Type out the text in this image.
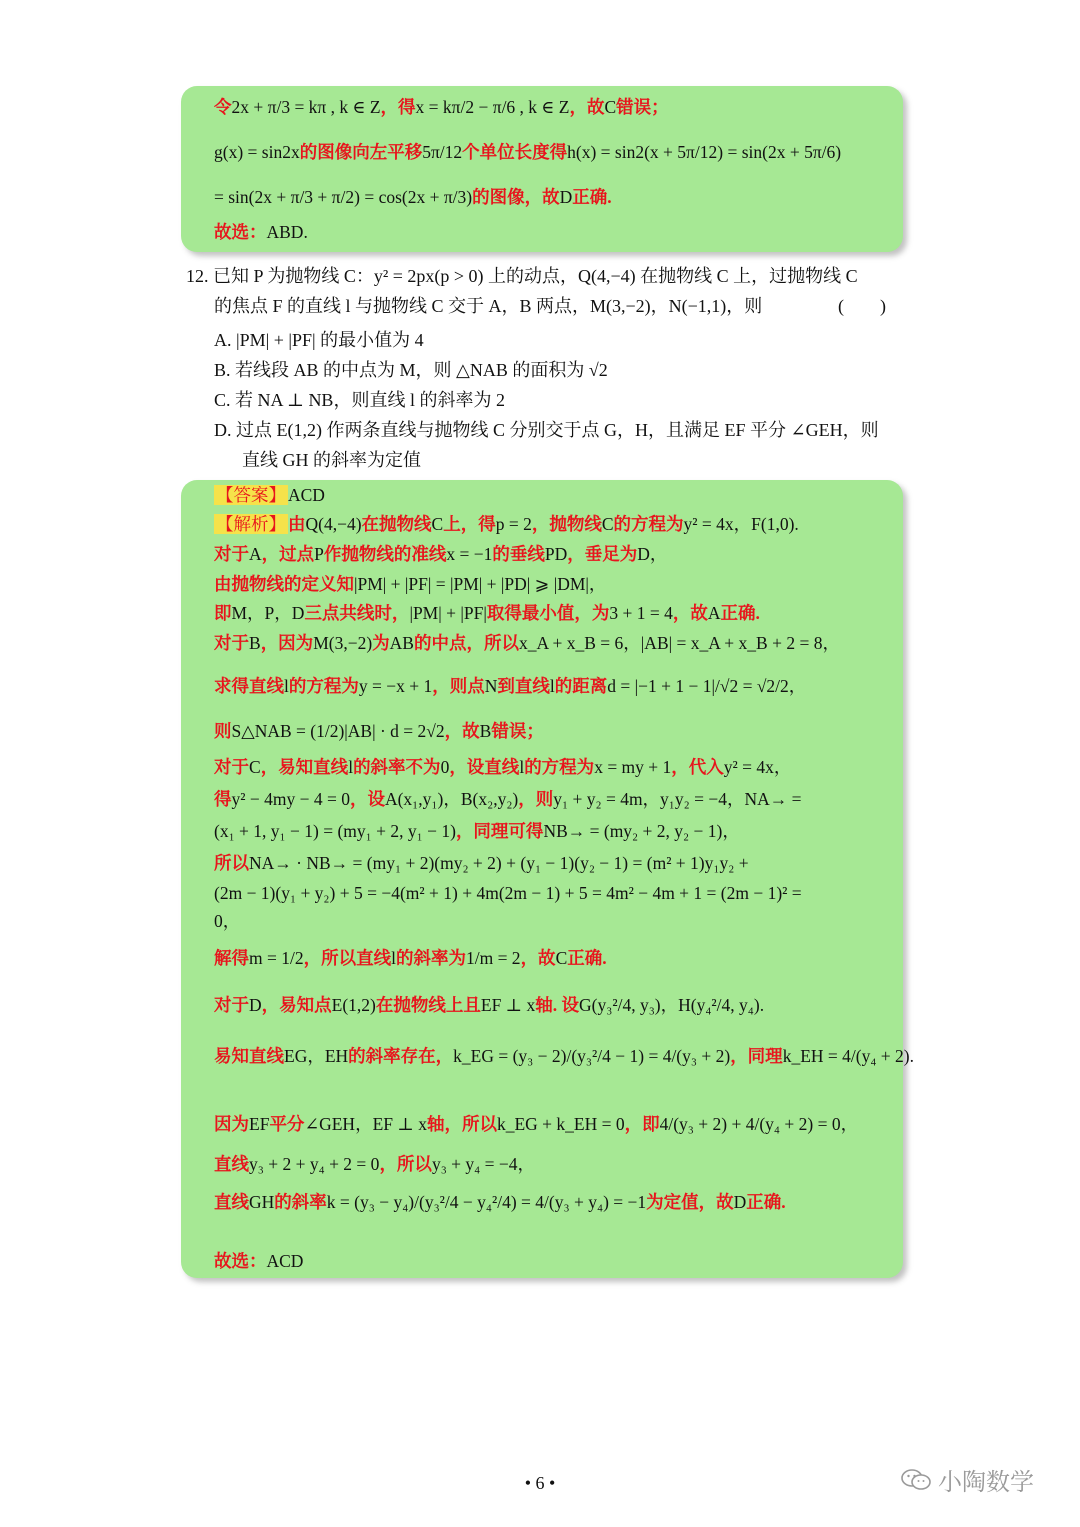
令2x + π/3 = kπ , k ∈ Z，得x = kπ/2 − π/6 , k ∈ Z，故C错误；
g(x) = sin2x的图像向左平移5π/12个单位长度得h(x) = sin2(x + 5π/12) = sin(2x + 5π/6)
= sin(2x + π/3 + π/2) = cos(2x + π/3)的图像，故D正确.
故选：ABD.
12. 已知 P 为抛物线 C：y² = 2px(p > 0) 上的动点，Q(4,−4) 在抛物线 C 上，过抛物线 C
的焦点 F 的直线 l 与抛物线 C 交于 A，B 两点，M(3,−2)，N(−1,1)，则	(　　)
A. |PM| + |PF| 的最小值为 4
B. 若线段 AB 的中点为 M，则 △NAB 的面积为 √2
C. 若 NA ⊥ NB，则直线 l 的斜率为 2
D. 过点 E(1,2) 作两条直线与抛物线 C 分别交于点 G，H，且满足 EF 平分 ∠GEH，则
直线 GH 的斜率为定值
【答案】 ACD
【解析】 由Q(4,−4)在抛物线C上，得p = 2，抛物线C的方程为y² = 4x，F(1,0).
对于A，过点P作抛物线的准线x = −1的垂线PD，垂足为D，
由抛物线的定义知|PM| + |PF| = |PM| + |PD| ⩾ |DM|，
即M，P，D三点共线时，|PM| + |PF|取得最小值，为3 + 1 = 4，故A正确.
对于B，因为M(3,−2)为AB的中点，所以x_A + x_B = 6，|AB| = x_A + x_B + 2 = 8，
求得直线l的方程为y = −x + 1，则点N到直线l的距离d = |−1 + 1 − 1|/√2 = √2/2，
则S△NAB = (1/2)|AB| · d = 2√2，故B错误；
对于C，易知直线l的斜率不为0，设直线l的方程为x = my + 1，代入y² = 4x，
得y² − 4my − 4 = 0，设A(x₁,y₁)，B(x₂,y₂)，则y₁ + y₂ = 4m，y₁y₂ = −4，NA→ =
(x₁ + 1, y₁ − 1) = (my₁ + 2, y₁ − 1)，同理可得NB→ = (my₂ + 2, y₂ − 1)，
所以NA→ · NB→ = (my₁ + 2)(my₂ + 2) + (y₁ − 1)(y₂ − 1) = (m² + 1)y₁y₂ +
(2m − 1)(y₁ + y₂) + 5 = −4(m² + 1) + 4m(2m − 1) + 5 = 4m² − 4m + 1 = (2m − 1)² =
0，
解得m = 1/2，所以直线l的斜率为1/m = 2，故C正确.
对于D，易知点E(1,2)在抛物线上且EF ⊥ x轴. 设G(y₃²/4, y₃)，H(y₄²/4, y₄).
易知直线EG，EH的斜率存在，k_EG = (y₃ − 2)/(y₃²/4 − 1) = 4/(y₃ + 2)，同理k_EH = 4/(y₄ + 2).
因为EF平分∠GEH，EF ⊥ x轴，所以k_EG + k_EH = 0，即4/(y₃ + 2) + 4/(y₄ + 2) = 0，
直线y₃ + 2 + y₄ + 2 = 0，所以y₃ + y₄ = −4，
直线GH的斜率k = (y₃ − y₄)/(y₃²/4 − y₄²/4) = 4/(y₃ + y₄) = −1为定值，故D正确.
故选：ACD
• 6 •	小陶数学
